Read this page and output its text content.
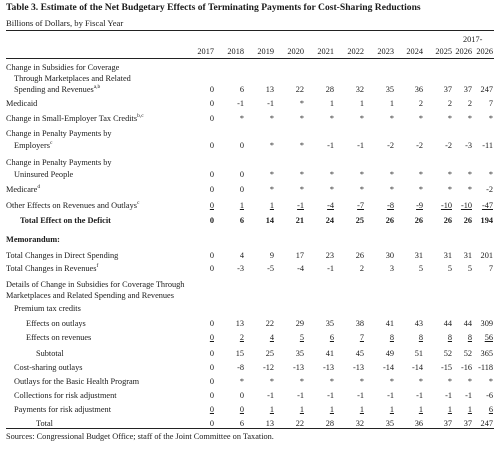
Table 3. Estimate of the Net Budgetary Effects of Terminating Payments for Cost-Sharing Reductions
Billions of Dollars, by Fiscal Year
2017-
2017	2018	2019	2020	2021	2022	2023	2024	2025 2026 2026
Change in Subsidies for Coverage
Through Marketplaces and Related
Spending and Revenues$^{a,b}$	0	6	13	22	28	32	35	36	37	37	247
Medicaid	0	-1	-1	*	1	1	1	2	2	2	7
Change in Small-Employer Tax Credits$^{b,c}$	0	*	*	*	*	*	*	*	*	*	*
Change in Penalty Payments by
Employers$^c$	0	0	*	*	-1	-1	-2	-2	-2	-3	-11
Change in Penalty Payments by
Uninsured People	0	0	*	*	*	*	*	*	*	*	*
Medicare$^d$	0	0	*	*	*	*	*	*	*	*	-2
Other Effects on Revenues and Outlays$^c$	0	1	1	-1	-4	-7	-8	-9	-10	-10	-47
Total Effect on the Deficit	0	6	14	21	24	25	26	26	26	26	194
Memorandum:
Total Changes in Direct Spending	0	4	9	17	23	26	30	31	31	31	201
Total Changes in Revenues$^f$	0	-3	-5	-4	-1	2	3	5	5	5	7
Details of Change in Subsidies for Coverage Through
Marketplaces and Related Spending and Revenues
Premium tax credits
Effects on outlays	0	13	22	29	35	38	41	43	44	44	309
Effects on revenues	0	2	4	5	6	7	8	8	8	8	56
Subtotal	0	15	25	35	41	45	49	51	52	52	365
Cost-sharing outlays	0	-8	-12	-13	-13	-13	-14	-14	-15	-16 -118
Outlays for the Basic Health Program	0	*	*	*	*	*	*	*	*	*	*
Collections for risk adjustment	0	0	-1	-1	-1	-1	-1	-1	-1	-1	-6
Payments for risk adjustment	0	0	1	1	1	1	1	1	1	1	6
Total	0	6	13	22	28	32	35	36	37	37	247
Sources: Congressional Budget Office; staff of the Joint Committee on Taxation.
